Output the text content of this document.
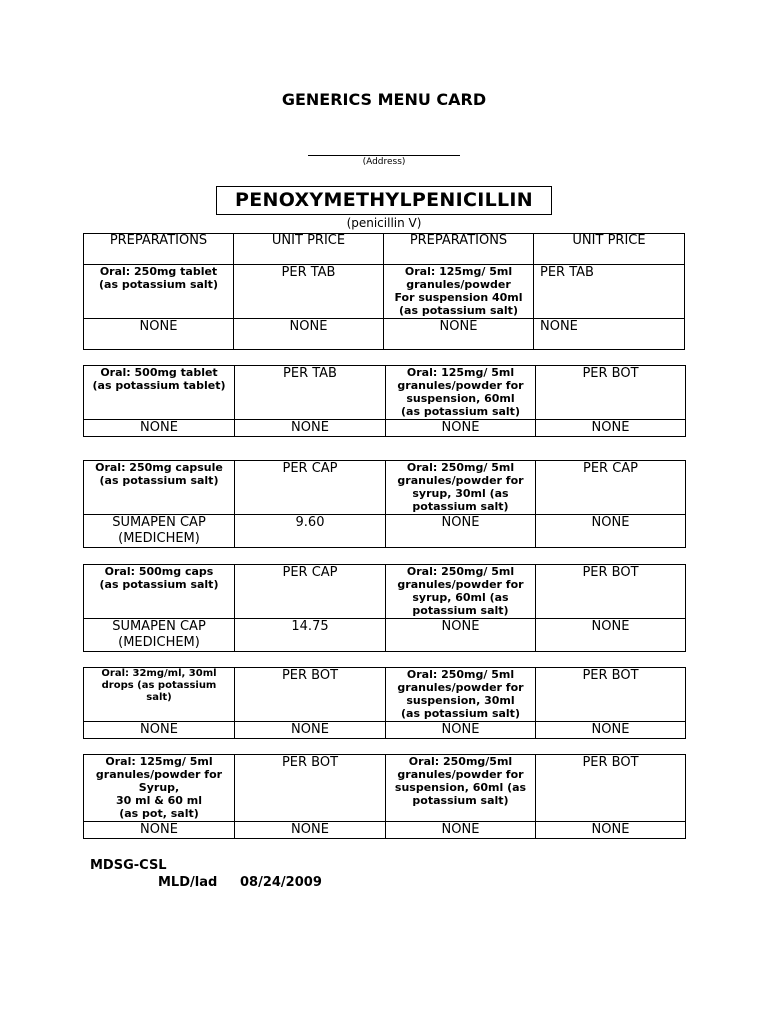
GENERICS MENU CARD
(Address)
PENOXYMETHYLPENICILLIN
(penicillin V)
PREPARATIONS	UNIT PRICE	PREPARATIONS	UNIT PRICE
Oral: 250mg tablet
(as potassium salt)	PER TAB	Oral: 125mg/ 5ml
granules/powder
For suspension 40ml
(as potassium salt)	PER TAB
NONE	NONE	NONE	NONE
Oral: 500mg tablet
(as potassium tablet)	PER TAB	Oral: 125mg/ 5ml
granules/powder for
suspension, 60ml
(as potassium salt)	PER BOT
NONE	NONE	NONE	NONE
Oral: 250mg capsule
(as potassium salt)	PER CAP	Oral: 250mg/ 5ml
granules/powder for
syrup, 30ml (as
potassium salt)	PER CAP
SUMAPEN CAP
(MEDICHEM)	9.60	NONE	NONE
Oral: 500mg caps
(as potassium salt)	PER CAP	Oral: 250mg/ 5ml
granules/powder for
syrup, 60ml (as
potassium salt)	PER BOT
SUMAPEN CAP
(MEDICHEM)	14.75	NONE	NONE
Oral: 32mg/ml, 30ml
drops (as potassium
salt)	PER BOT	Oral: 250mg/ 5ml
granules/powder for
suspension, 30ml
(as potassium salt)	PER BOT
NONE	NONE	NONE	NONE
Oral: 125mg/ 5ml
granules/powder for
Syrup,
30 ml & 60 ml
(as pot, salt)	PER BOT	Oral: 250mg/5ml
granules/powder for
suspension, 60ml (as
potassium salt)	PER BOT
NONE	NONE	NONE	NONE
MDSG-CSL
MLD/lad 08/24/2009
